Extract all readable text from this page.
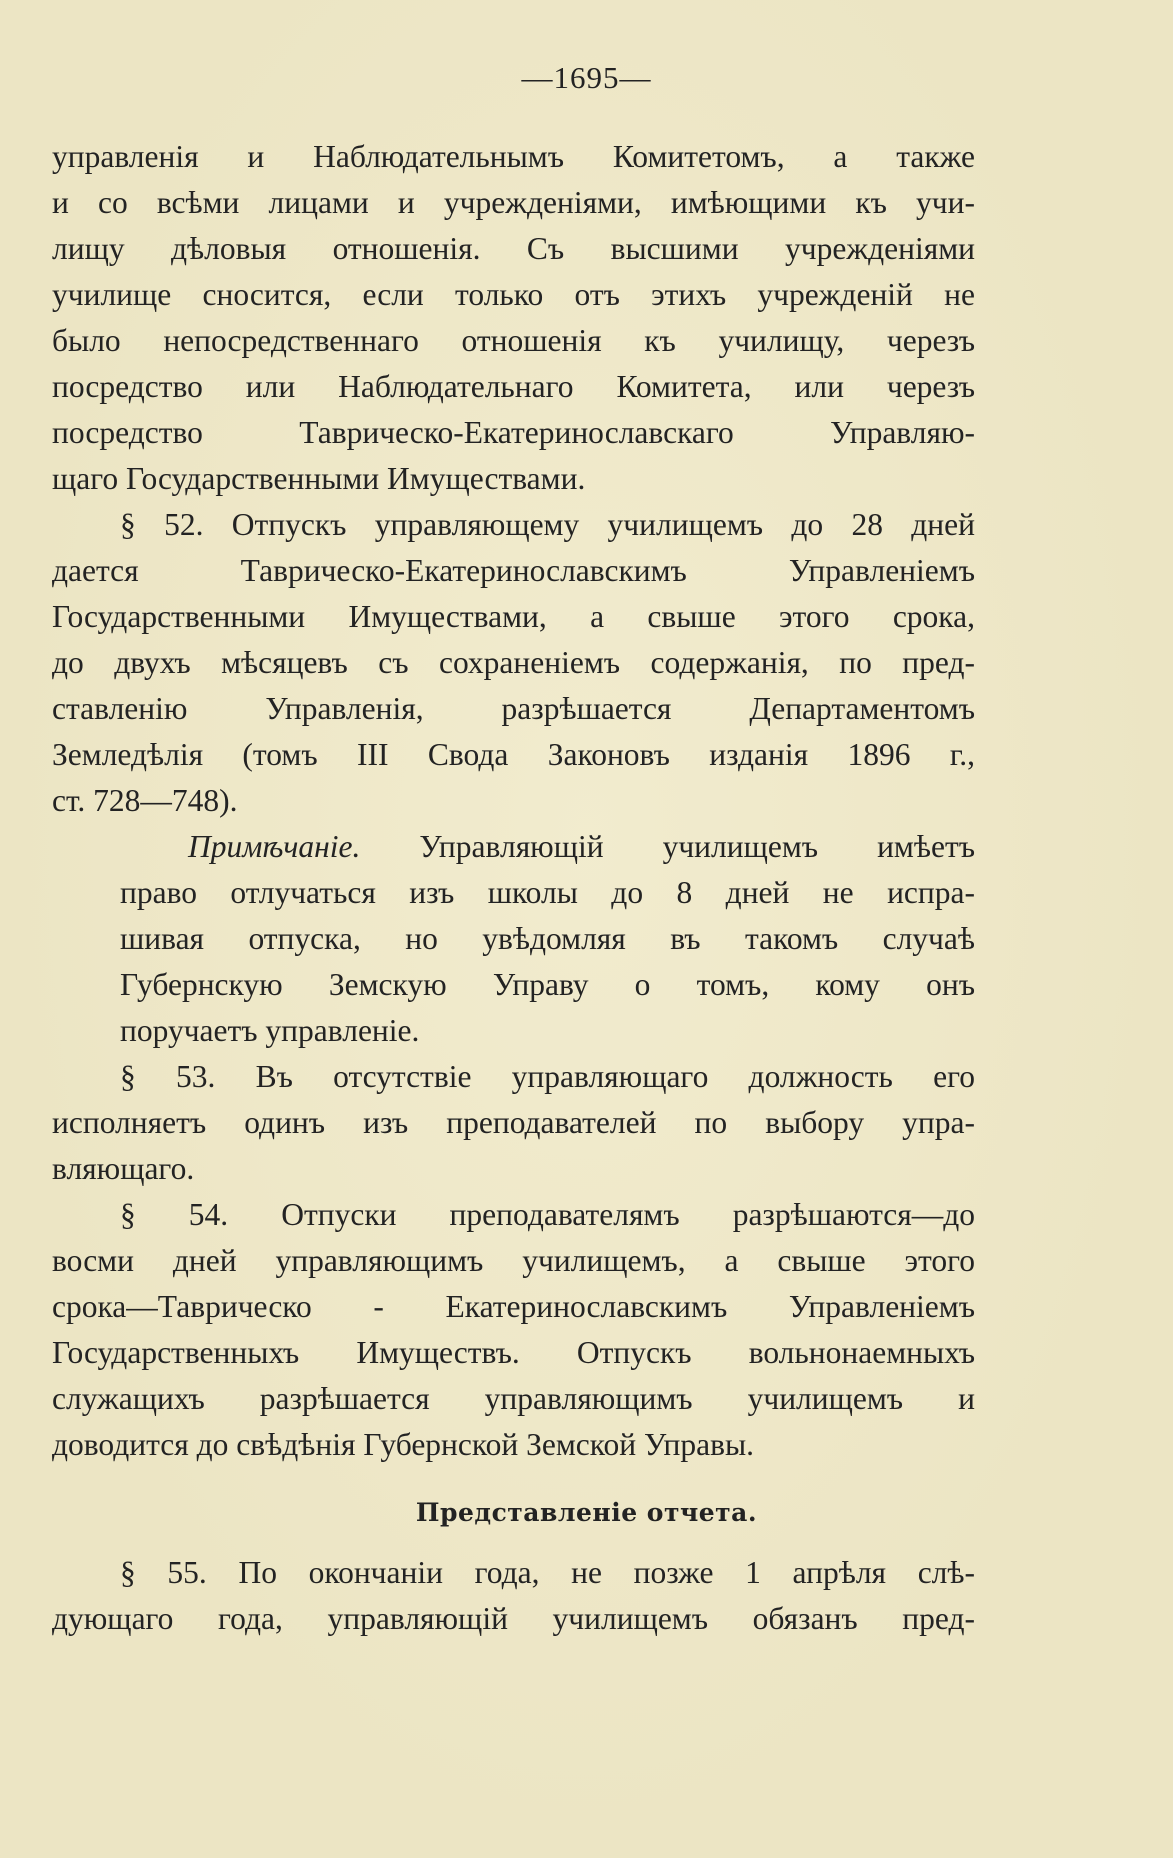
—1695—
управленія и Наблюдательнымъ Комитетомъ, а также
и со всѣми лицами и учрежденіями, имѣющими къ учи-
лищу дѣловыя отношенія. Съ высшими учрежденіями
училище сносится, если только отъ этихъ учрежденій не
было непосредственнаго отношенія къ училищу, черезъ
посредство или Наблюдательнаго Комитета, или черезъ
посредство Таврическо-Екатеринославскаго Управляю-
щаго Государственными Имуществами.
§ 52. Отпускъ управляющему училищемъ до 28 дней
дается Таврическо-Екатеринославскимъ Управленіемъ
Государственными Имуществами, а свыше этого срока,
до двухъ мѣсяцевъ съ сохраненіемъ содержанія, по пред-
ставленію Управленія, разрѣшается Департаментомъ
Земледѣлія (томъ III Свода Законовъ изданія 1896 г.,
ст. 728—748).
Примѣчаніе. Управляющій училищемъ имѣетъ
право отлучаться изъ школы до 8 дней не испра-
шивая отпуска, но увѣдомляя въ такомъ случаѣ
Губернскую Земскую Управу о томъ, кому онъ
поручаетъ управленіе.
§ 53. Въ отсутствіе управляющаго должность его
исполняетъ одинъ изъ преподавателей по выбору упра-
вляющаго.
§ 54. Отпуски преподавателямъ разрѣшаются—до
восми дней управляющимъ училищемъ, а свыше этого
срока—Таврическо - Екатеринославскимъ Управленіемъ
Государственныхъ Имуществъ. Отпускъ вольнонаемныхъ
служащихъ разрѣшается управляющимъ училищемъ и
доводится до свѣдѣнія Губернской Земской Управы.
Представленіе отчета.
§ 55. По окончаніи года, не позже 1 апрѣля слѣ-
дующаго года, управляющій училищемъ обязанъ пред-
